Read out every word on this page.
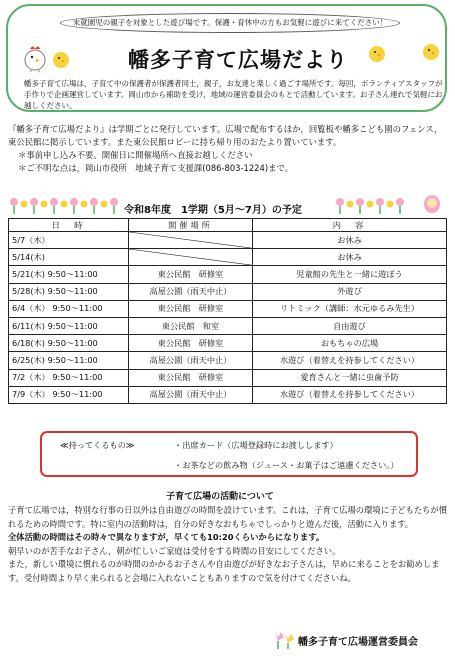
未就園児の親子を対象とした遊び場です。保護・育休中の方もお気軽に遊びに来てください！
幡多子育て広場だより
幡多子育て広場は，子育て中の保護者が保護者同士，親子，お友達と楽しく過ごす場所です。毎回，ボランティアスタッフが手作りで企画運営しています。岡山市から補助を受け，地域の運営委員会のもとで活動しています。お子さん連れで気軽にお越しください。
『幡多子育て広場だより』は学期ごとに発行しています。広場で配布するほか，回覧板や幡多こども園のフェンス，東公民館に掲示しています。また東公民館ロビーに持ち帰り用のおたより置いています。
＊事前申し込み不要。開催日に開催場所へ直接お越しください
＊ご不明な点は，岡山市役所　地域子育て支援課(086-803-1224)まで。
令和8年度　1学期（5月～7月）の予定
日　時	開催場所	内　容
5/7（木）		お休み
5/14(木)		お休み
5/21(木) 9:50～11:00	東公民館　研修室	児童館の先生と一緒に遊ぼう
5/28(木) 9:50～11:00	高屋公園（雨天中止）	外遊び
6/4（木） 9:50～11:00	東公民館　研修室	リトミック（講師：水元ゆるみ先生）
6/11(木) 9:50～11:00	東公民館　和室	自由遊び
6/18(木) 9:50～11:00	東公民館　研修室	おもちゃの広場
6/25(木) 9:50～11:00	高屋公園（雨天中止）	水遊び（着替えを持参してください）
7/2（木） 9:50～11:00	東公民館　研修室	愛育さんと一緒に虫歯予防
7/9（木） 9:50～11:00	高屋公園（雨天中止）	水遊び（着替えを持参してください）
≪持ってくるもの≫	・出席カード（広場登録時にお渡しします）
・お茶などの飲み物（ジュース・お菓子はご遠慮ください。）
子育て広場の活動について
子育て広場では，特別な行事の日以外は自由遊びの時間を設けています。これは，子育て広場の環境に子どもたちが慣れるための時間です。特に室内の活動時は，自分の好きなおもちゃでしっかりと遊んだ後，活動に入ります。
全体活動の時間はその時々で異なりますが，早くても10:20くらいからになります。
朝早いのが苦手なお子さん，朝が忙しいご家庭は受付をする時間の目安にしてください。
また，新しい環境に慣れるのが時間のかかるお子さんや自由遊びが好きなお子さんは，早めに来ることをお勧めします。受付時間より早く来られると会場に入れないこともありますので気を付けてくださいね。
幡多子育て広場運営委員会
